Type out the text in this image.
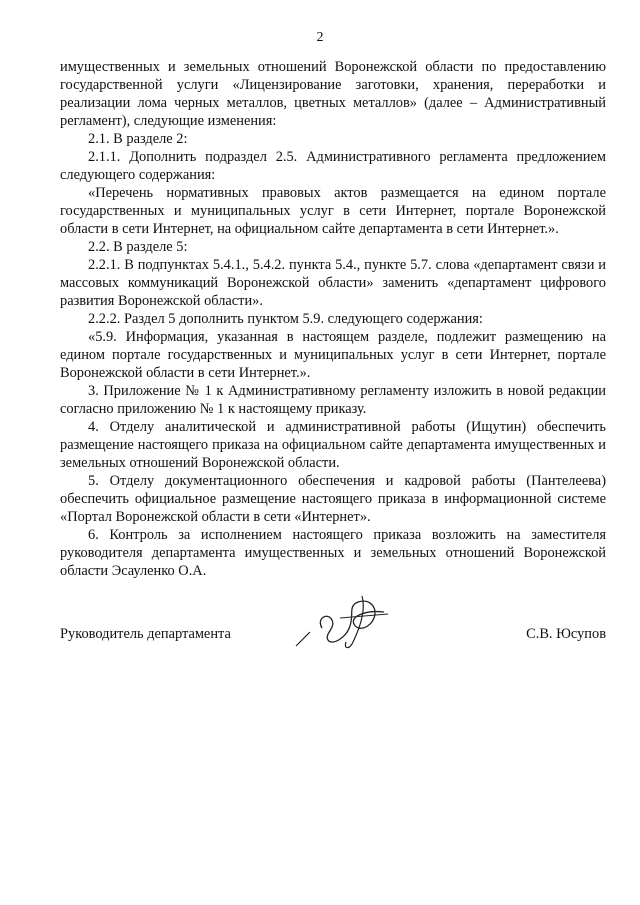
2

имущественных и земельных отношений Воронежской области по предоставлению государственной услуги «Лицензирование заготовки, хранения, переработки и реализации лома черных металлов, цветных металлов» (далее – Административный регламент), следующие изменения:

2.1. В разделе 2:

2.1.1. Дополнить подраздел 2.5. Административного регламента предложением следующего содержания:

«Перечень нормативных правовых актов размещается на едином портале государственных и муниципальных услуг в сети Интернет, портале Воронежской области в сети Интернет, на официальном сайте департамента в сети Интернет.».

2.2. В разделе 5:

2.2.1. В подпунктах 5.4.1., 5.4.2. пункта 5.4., пункте 5.7. слова «департамент связи и массовых коммуникаций Воронежской области» заменить «департамент цифрового развития Воронежской области».

2.2.2. Раздел 5 дополнить пунктом 5.9. следующего содержания:

«5.9. Информация, указанная в настоящем разделе, подлежит размещению на едином портале государственных и муниципальных услуг в сети Интернет, портале Воронежской области в сети Интернет.».

3. Приложение № 1 к Административному регламенту изложить в новой редакции согласно приложению № 1 к настоящему приказу.

4. Отделу аналитической и административной работы (Ищутин) обеспечить размещение настоящего приказа на официальном сайте департамента имущественных и земельных отношений Воронежской области.

5. Отделу документационного обеспечения и кадровой работы (Пантелеева) обеспечить официальное размещение настоящего приказа в информационной системе «Портал Воронежской области в сети «Интернет».

6. Контроль за исполнением настоящего приказа возложить на заместителя руководителя департамента имущественных и земельных отношений Воронежской области Эсауленко О.А.

Руководитель департамента	С.В. Юсупов
